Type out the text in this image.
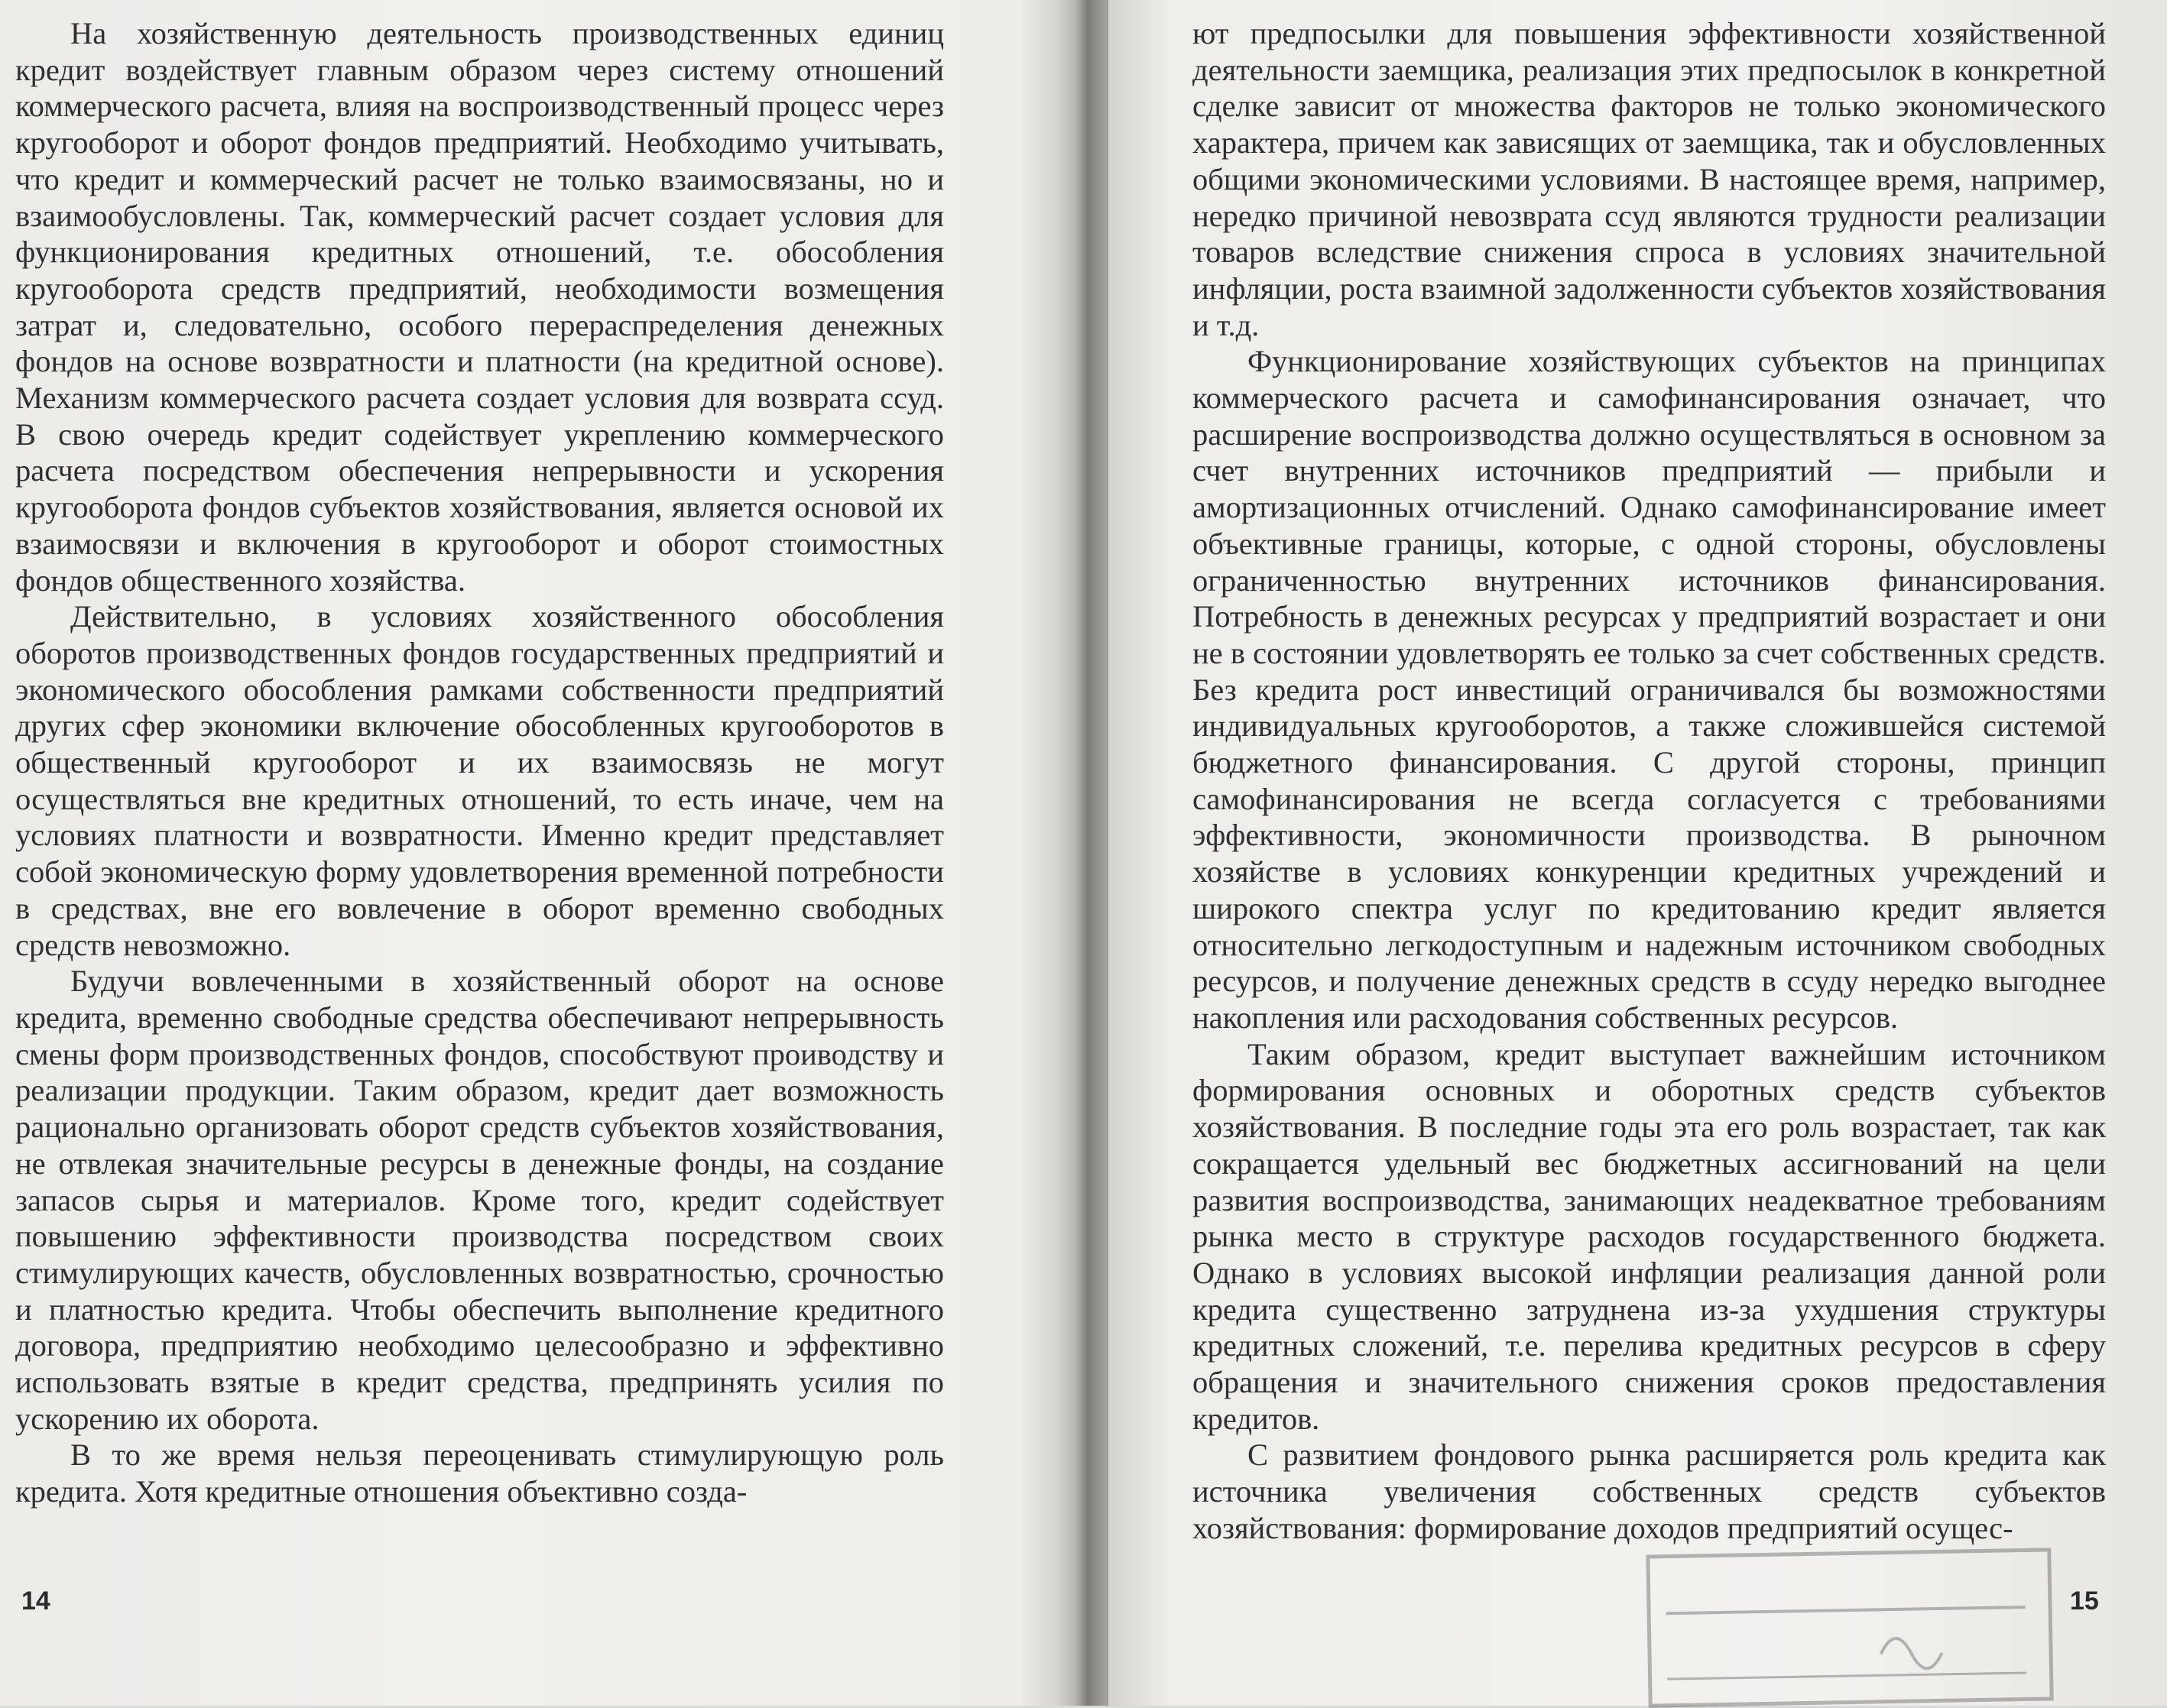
На хозяйственную деятельность производственных единиц кредит воздействует главным образом через систему отношений коммерческого расчета, влияя на воспроизводственный процесс через кругооборот и оборот фондов предприятий. Необходимо учитывать, что кредит и коммерческий расчет не только взаимосвязаны, но и взаимообусловлены. Так, коммерческий расчет создает условия для функционирования кредитных отношений, т.е. обособления кругооборота средств предприятий, необходимости возмещения затрат и, следовательно, особого перераспределения денежных фондов на основе возвратности и платности (на кредитной основе). Механизм коммерческого расчета создает условия для возврата ссуд. В свою очередь кредит содействует укреплению коммерческого расчета посредством обеспечения непрерывности и ускорения кругооборота фондов субъектов хозяйствования, является основой их взаимосвязи и включения в кругооборот и оборот стоимостных фондов общественного хозяйства.

Действительно, в условиях хозяйственного обособления оборотов производственных фондов государственных предприятий и экономического обособления рамками собственности предприятий других сфер экономики включение обособленных кругооборотов в общественный кругооборот и их взаимосвязь не могут осуществляться вне кредитных отношений, то есть иначе, чем на условиях платности и возвратности. Именно кредит представляет собой экономическую форму удовлетворения временной потребности в средствах, вне его вовлечение в оборот временно свободных средств невозможно.

Будучи вовлеченными в хозяйственный оборот на основе кредита, временно свободные средства обеспечивают непрерывность смены форм производственных фондов, способствуют проиводству и реализации продукции. Таким образом, кредит дает возможность рационально организовать оборот средств субъектов хозяйствования, не отвлекая значительные ресурсы в денежные фонды, на создание запасов сырья и материалов. Кроме того, кредит содействует повышению эффективности производства посредством своих стимулирующих качеств, обусловленных возвратностью, срочностью и платностью кредита. Чтобы обеспечить выполнение кредитного договора, предприятию необходимо целесообразно и эффективно использовать взятые в кредит средства, предпринять усилия по ускорению их оборота.

В то же время нельзя переоценивать стимулирующую роль кредита. Хотя кредитные отношения объективно созда-

14

ют предпосылки для повышения эффективности хозяйственной деятельности заемщика, реализация этих предпосылок в конкретной сделке зависит от множества факторов не только экономического характера, причем как зависящих от заемщика, так и обусловленных общими экономическими условиями. В настоящее время, например, нередко причиной невозврата ссуд являются трудности реализации товаров вследствие снижения спроса в условиях значительной инфляции, роста взаимной задолженности субъектов хозяйствования и т.д.

Функционирование хозяйствующих субъектов на принципах коммерческого расчета и самофинансирования означает, что расширение воспроизводства должно осуществляться в основном за счет внутренних источников предприятий — прибыли и амортизационных отчислений. Однако самофинансирование имеет объективные границы, которые, с одной стороны, обусловлены ограниченностью внутренних источников финансирования. Потребность в денежных ресурсах у предприятий возрастает и они не в состоянии удовлетворять ее только за счет собственных средств. Без кредита рост инвестиций ограничивался бы возможностями индивидуальных кругооборотов, а также сложившейся системой бюджетного финансирования. С другой стороны, принцип самофинансирования не всегда согласуется с требованиями эффективности, экономичности производства. В рыночном хозяйстве в условиях конкуренции кредитных учреждений и широкого спектра услуг по кредитованию кредит является относительно легкодоступным и надежным источником свободных ресурсов, и получение денежных средств в ссуду нередко выгоднее накопления или расходования собственных ресурсов.

Таким образом, кредит выступает важнейшим источником формирования основных и оборотных средств субъектов хозяйствования. В последние годы эта его роль возрастает, так как сокращается удельный вес бюджетных ассигнований на цели развития воспроизводства, занимающих неадекватное требованиям рынка место в структуре расходов государственного бюджета. Однако в условиях высокой инфляции реализация данной роли кредита существенно затруднена из-за ухудшения структуры кредитных сложений, т.е. перелива кредитных ресурсов в сферу обращения и значительного снижения сроков предоставления кредитов.

С развитием фондового рынка расширяется роль кредита как источника увеличения собственных средств субъектов хозяйствования: формирование доходов предприятий осущес-

15
